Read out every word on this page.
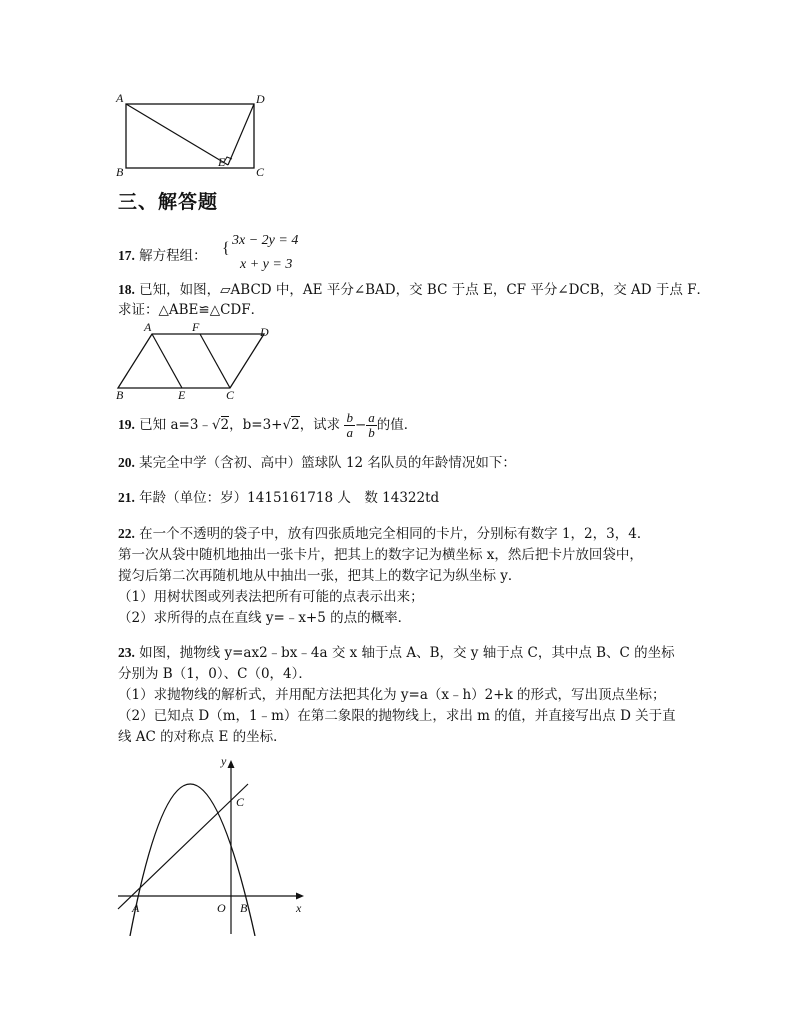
A	D
B
E
C
三、解答题
17. 解方程组： { 3x − 2y = 4
x + y = 3
18. 已知，如图，▱ABCD 中，AE 平分∠BAD，交 BC 于点 E，CF 平分∠DCB，交 AD 于点 F．
求证：△ABE≌△CDF．
A	F	D
B	E	C
19. 已知 a=3﹣√2，b=3+√2，试求 $\frac{b}{a} - \frac{a}{b}$ 的值．
20. 某完全中学（含初、高中）篮球队 12 名队员的年龄情况如下：
21. 年龄（单位：岁）1415161718 人　数 14322td
22. 在一个不透明的袋子中，放有四张质地完全相同的卡片，分别标有数字 1，2，3，4．
第一次从袋中随机地抽出一张卡片，把其上的数字记为横坐标 x，然后把卡片放回袋中，
搅匀后第二次再随机地从中抽出一张，把其上的数字记为纵坐标 y．
（1）用树状图或列表法把所有可能的点表示出来；
（2）求所得的点在直线 y=﹣x+5 的点的概率．
23. 如图，抛物线 y=ax2﹣bx﹣4a 交 x 轴于点 A、B，交 y 轴于点 C，其中点 B、C 的坐标
分别为 B（1，0）、C（0，4）．
（1）求抛物线的解析式，并用配方法把其化为 y=a（x﹣h）2+k 的形式，写出顶点坐标；
（2）已知点 D（m，1﹣m）在第二象限的抛物线上，求出 m 的值，并直接写出点 D 关于直
线 AC 的对称点 E 的坐标．
y
C
x
A	O B
